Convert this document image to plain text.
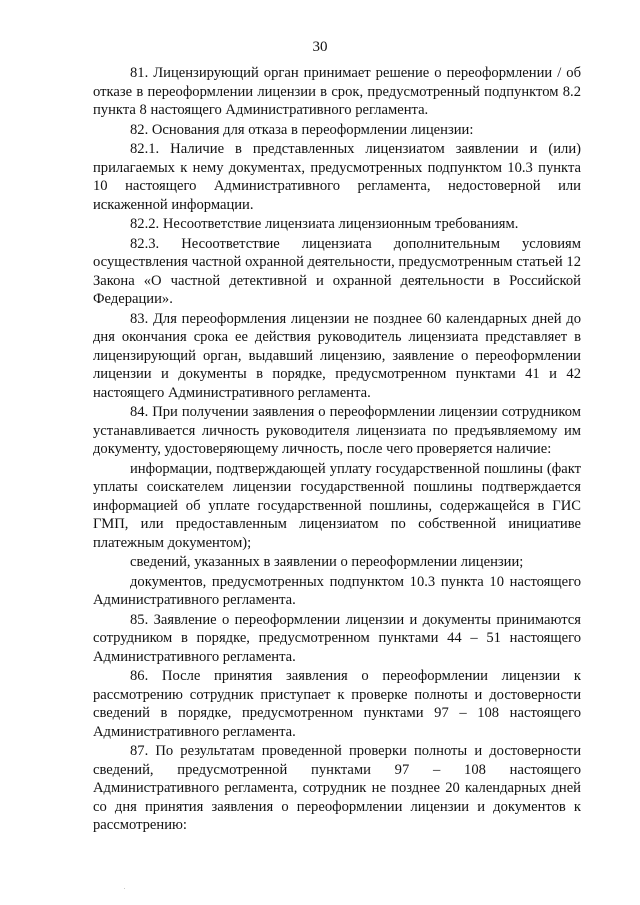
30

81. Лицензирующий орган принимает решение о переоформлении / об отказе в переоформлении лицензии в срок, предусмотренный подпунктом 8.2 пункта 8 настоящего Административного регламента.

82. Основания для отказа в переоформлении лицензии:

82.1. Наличие в представленных лицензиатом заявлении и (или) прилагаемых к нему документах, предусмотренных подпунктом 10.3 пункта 10 настоящего Административного регламента, недостоверной или искаженной информации.

82.2. Несоответствие лицензиата лицензионным требованиям.

82.3. Несоответствие лицензиата дополнительным условиям осуществления частной охранной деятельности, предусмотренным статьей 12 Закона «О частной детективной и охранной деятельности в Российской Федерации».

83. Для переоформления лицензии не позднее 60 календарных дней до дня окончания срока ее действия руководитель лицензиата представляет в лицензирующий орган, выдавший лицензию, заявление о переоформлении лицензии и документы в порядке, предусмотренном пунктами 41 и 42 настоящего Административного регламента.

84. При получении заявления о переоформлении лицензии сотрудником устанавливается личность руководителя лицензиата по предъявляемому им документу, удостоверяющему личность, после чего проверяется наличие:

информации, подтверждающей уплату государственной пошлины (факт уплаты соискателем лицензии государственной пошлины подтверждается информацией об уплате государственной пошлины, содержащейся в ГИС ГМП, или предоставленным лицензиатом по собственной инициативе платежным документом);

сведений, указанных в заявлении о переоформлении лицензии;

документов, предусмотренных подпунктом 10.3 пункта 10 настоящего Административного регламента.

85. Заявление о переоформлении лицензии и документы принимаются сотрудником в порядке, предусмотренном пунктами 44 – 51 настоящего Административного регламента.

86. После принятия заявления о переоформлении лицензии к рассмотрению сотрудник приступает к проверке полноты и достоверности сведений в порядке, предусмотренном пунктами 97 – 108 настоящего Административного регламента.

87. По результатам проведенной проверки полноты и достоверности сведений, предусмотренной пунктами 97 – 108 настоящего Административного регламента, сотрудник не позднее 20 календарных дней со дня принятия заявления о переоформлении лицензии и документов к рассмотрению:
